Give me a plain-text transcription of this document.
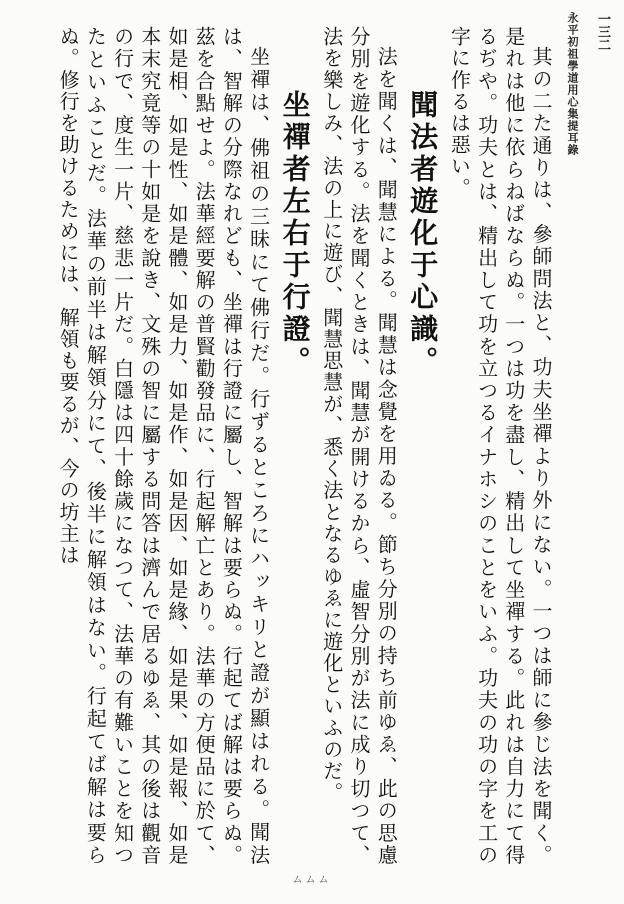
一三二
永平初祖學道用心集提耳錄

其の二た通りは、參師問法と、功夫坐禪より外にない。一つは師に參じ法を聞く。是れは他に依らねばならぬ。一つは功を盡し、精出して坐禪する。此れは自力にて得るぢや。功夫とは、精出して功を立つるイナホシのことをいふ。功夫の功の字を工の字に作るは惡い。

聞法者遊化于心識。

法を聞くは、聞慧による。聞慧は念覺を用ゐる。節ち分別の持ち前ゆゑ、此の思慮分別を遊化する。法を聞くときは、聞慧が開けるから、虛智分別が法に成り切つて、法を樂しみ、法の上に遊び、聞慧思慧が、悉く法となるゆゑに遊化といふのだ。

坐禪者左右于行證。

坐禪は、佛祖の三昧にて佛行だ。行ずるところにハッキリと證が顯はれる。聞法は、智解の分際なれども、坐禪は行證に屬し、智解は要らぬ。行起てば解は要らぬ。茲を合點せよ。法華經要解の普賢勸發品に、行起解亡とあり。法華の方便品に於て、如是相、如是性、如是體、如是力、如是作、如是因、如是緣、如是果、如是報、如是本末究竟等の十如是を說き、文殊の智に屬する問答は濟んで居るゆゑ、其の後は觀音の行で、度生一片、慈悲一片だ。白隱は四十餘歲になつて、法華の有難いことを知つたといふことだ。法華の前半は解領分にて、後半に解領はない。行起てば解は要らぬ。修行を助けるためには、解領も要るが、今の坊主は

ムムム
